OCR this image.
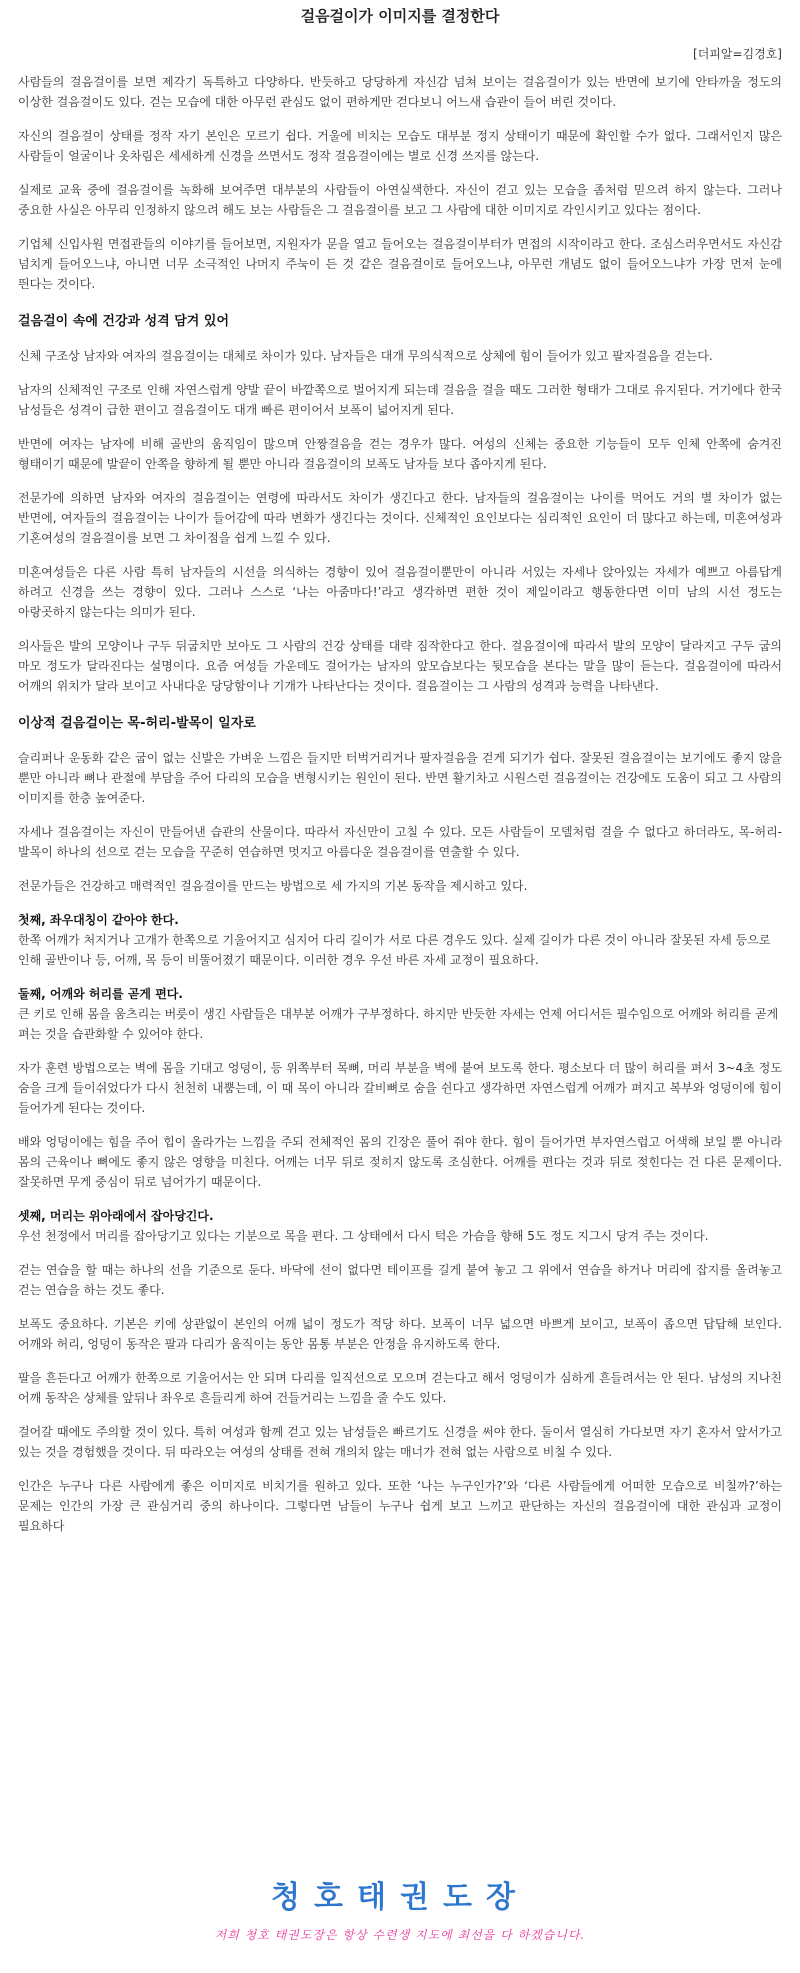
걸음걸이가 이미지를 결정한다
[더피알=김경호]

사람들의 걸음걸이를 보면 제각기 독특하고 다양하다. 반듯하고 당당하게 자신감 넘쳐 보이는 걸음걸이가 있는 반면에 보기에 안타까울 정도의 이상한 걸음걸이도 있다. 걷는 모습에 대한 아무런 관심도 없이 편하게만 걷다보니 어느새 습관이 들어 버린 것이다.

자신의 걸음걸이 상태를 정작 자기 본인은 모르기 쉽다. 거울에 비치는 모습도 대부분 정지 상태이기 때문에 확인할 수가 없다. 그래서인지 많은 사람들이 얼굴이나 옷차림은 세세하게 신경을 쓰면서도 정작 걸음걸이에는 별로 신경 쓰지를 않는다.

실제로 교육 중에 걸음걸이를 녹화해 보여주면 대부분의 사람들이 아연실색한다. 자신이 걷고 있는 모습을 좀처럼 믿으려 하지 않는다. 그러나 중요한 사실은 아무리 인정하지 않으려 해도 보는 사람들은 그 걸음걸이를 보고 그 사람에 대한 이미지로 각인시키고 있다는 점이다.

기업체 신입사원 면접관들의 이야기를 들어보면, 지원자가 문을 열고 들어오는 걸음걸이부터가 면접의 시작이라고 한다. 조심스러우면서도 자신감 넘치게 들어오느냐, 아니면 너무 소극적인 나머지 주눅이 든 것 같은 걸음걸이로 들어오느냐, 아무런 개념도 없이 들어오느냐가 가장 먼저 눈에 띈다는 것이다.

걸음걸이 속에 건강과 성격 담겨 있어

신체 구조상 남자와 여자의 걸음걸이는 대체로 차이가 있다. 남자들은 대개 무의식적으로 상체에 힘이 들어가 있고 팔자걸음을 걷는다.

남자의 신체적인 구조로 인해 자연스럽게 양발 끝이 바깥쪽으로 벌어지게 되는데 걸음을 걸을 때도 그러한 형태가 그대로 유지된다. 거기에다 한국 남성들은 성격이 급한 편이고 걸음걸이도 대개 빠른 편이어서 보폭이 넓어지게 된다.

반면에 여자는 남자에 비해 골반의 움직임이 많으며 안짱걸음을 걷는 경우가 많다. 여성의 신체는 중요한 기능들이 모두 인체 안쪽에 숨겨진 형태이기 때문에 발끝이 안쪽을 향하게 될 뿐만 아니라 걸음걸이의 보폭도 남자들 보다 좁아지게 된다.

전문가에 의하면 남자와 여자의 걸음걸이는 연령에 따라서도 차이가 생긴다고 한다. 남자들의 걸음걸이는 나이를 먹어도 거의 별 차이가 없는 반면에, 여자들의 걸음걸이는 나이가 들어감에 따라 변화가 생긴다는 것이다. 신체적인 요인보다는 심리적인 요인이 더 많다고 하는데, 미혼여성과 기혼여성의 걸음걸이를 보면 그 차이점을 쉽게 느낄 수 있다.

미혼여성들은 다른 사람 특히 남자들의 시선을 의식하는 경향이 있어 걸음걸이뿐만이 아니라 서있는 자세나 앉아있는 자세가 예쁘고 아름답게 하려고 신경을 쓰는 경향이 있다. 그러나 스스로 ‘나는 아줌마다!’라고 생각하면 편한 것이 제일이라고 행동한다면 이미 남의 시선 정도는 아랑곳하지 않는다는 의미가 된다.

의사들은 발의 모양이나 구두 뒤굽치만 보아도 그 사람의 건강 상태를 대략 짐작한다고 한다. 걸음걸이에 따라서 발의 모양이 달라지고 구두 굽의 마모 정도가 달라진다는 설명이다. 요즘 여성들 가운데도 걸어가는 남자의 앞모습보다는 뒷모습을 본다는 말을 많이 듣는다. 걸음걸이에 따라서 어깨의 위치가 달라 보이고 사내다운 당당함이나 기개가 나타난다는 것이다. 걸음걸이는 그 사람의 성격과 능력을 나타낸다.

이상적 걸음걸이는 목-허리-발목이 일자로

슬리퍼나 운동화 같은 굽이 없는 신발은 가벼운 느낌은 들지만 터벅거리거나 팔자걸음을 걷게 되기가 쉽다. 잘못된 걸음걸이는 보기에도 좋지 않을 뿐만 아니라 뼈나 관절에 부담을 주어 다리의 모습을 변형시키는 원인이 된다. 반면 활기차고 시원스런 걸음걸이는 건강에도 도움이 되고 그 사람의 이미지를 한층 높여준다.

자세나 걸음걸이는 자신이 만들어낸 습관의 산물이다. 따라서 자신만이 고칠 수 있다. 모든 사람들이 모델처럼 걸을 수 없다고 하더라도, 목-허리-발목이 하나의 선으로 걷는 모습을 꾸준히 연습하면 멋지고 아름다운 걸음걸이를 연출할 수 있다.

전문가들은 건강하고 매력적인 걸음걸이를 만드는 방법으로 세 가지의 기본 동작을 제시하고 있다.

첫째, 좌우대칭이 같아야 한다.
한쪽 어깨가 처지거나 고개가 한쪽으로 기울어지고 심지어 다리 길이가 서로 다른 경우도 있다. 실제 길이가 다른 것이 아니라 잘못된 자세 등으로 인해 골반이나 등, 어깨, 목 등이 비뚤어졌기 때문이다. 이러한 경우 우선 바른 자세 교정이 필요하다.
둘째, 어깨와 허리를 곧게 편다.
큰 키로 인해 몸을 움츠리는 버릇이 생긴 사람들은 대부분 어깨가 구부정하다. 하지만 반듯한 자세는 언제 어디서든 필수임으로 어깨와 허리를 곧게 펴는 것을 습관화할 수 있어야 한다.

자가 훈련 방법으로는 벽에 몸을 기대고 엉덩이, 등 위쪽부터 목뼈, 머리 부분을 벽에 붙여 보도록 한다. 평소보다 더 많이 허리를 펴서 3~4초 정도 숨을 크게 들이쉬었다가 다시 천천히 내뿜는데, 이 때 목이 아니라 갈비뼈로 숨을 쉰다고 생각하면 자연스럽게 어깨가 펴지고 복부와 엉덩이에 힘이 들어가게 된다는 것이다.

배와 엉덩이에는 힘을 주어 힙이 올라가는 느낌을 주되 전체적인 몸의 긴장은 풀어 줘야 한다. 힘이 들어가면 부자연스럽고 어색해 보일 뿐 아니라 몸의 근육이나 뼈에도 좋지 않은 영향을 미친다. 어깨는 너무 뒤로 젖히지 않도록 조심한다. 어깨를 편다는 것과 뒤로 젖힌다는 건 다른 문제이다. 잘못하면 무게 중심이 뒤로 넘어가기 때문이다.

셋째, 머리는 위아래에서 잡아당긴다.
우선 천정에서 머리를 잡아당기고 있다는 기분으로 목을 편다. 그 상태에서 다시 턱은 가슴을 향해 5도 정도 지그시 당겨 주는 것이다.

걷는 연습을 할 때는 하나의 선을 기준으로 둔다. 바닥에 선이 없다면 테이프를 길게 붙여 놓고 그 위에서 연습을 하거나 머리에 잡지를 올려놓고 걷는 연습을 하는 것도 좋다.

보폭도 중요하다. 기본은 키에 상관없이 본인의 어깨 넓이 정도가 적당 하다. 보폭이 너무 넓으면 바쁘게 보이고, 보폭이 좁으면 답답해 보인다. 어깨와 허리, 엉덩이 동작은 팔과 다리가 움직이는 동안 몸통 부분은 안정을 유지하도록 한다.

팔을 흔든다고 어깨가 한쪽으로 기울어서는 안 되며 다리를 일직선으로 모으며 걷는다고 해서 엉덩이가 심하게 흔들려서는 안 된다. 남성의 지나친 어깨 동작은 상체를 앞뒤나 좌우로 흔들리게 하여 건들거리는 느낌을 줄 수도 있다.

걸어갈 때에도 주의할 것이 있다. 특히 여성과 함께 걷고 있는 남성들은 빠르기도 신경을 써야 한다. 둘이서 열심히 가다보면 자기 혼자서 앞서가고 있는 것을 경험했을 것이다. 뒤 따라오는 여성의 상태를 전혀 개의치 않는 매너가 전혀 없는 사람으로 비칠 수 있다.

인간은 누구나 다른 사람에게 좋은 이미지로 비치기를 원하고 있다. 또한 ‘나는 누구인가?’와 ‘다른 사람들에게 어떠한 모습으로 비칠까?’하는 문제는 인간의 가장 큰 관심거리 중의 하나이다. 그렇다면 남들이 누구나 쉽게 보고 느끼고 판단하는 자신의 걸음걸이에 대한 관심과 교정이 필요하다

청호태권도장
저희 청호 태권도장은 항상 수련생 지도에 최선을 다 하겠습니다.
